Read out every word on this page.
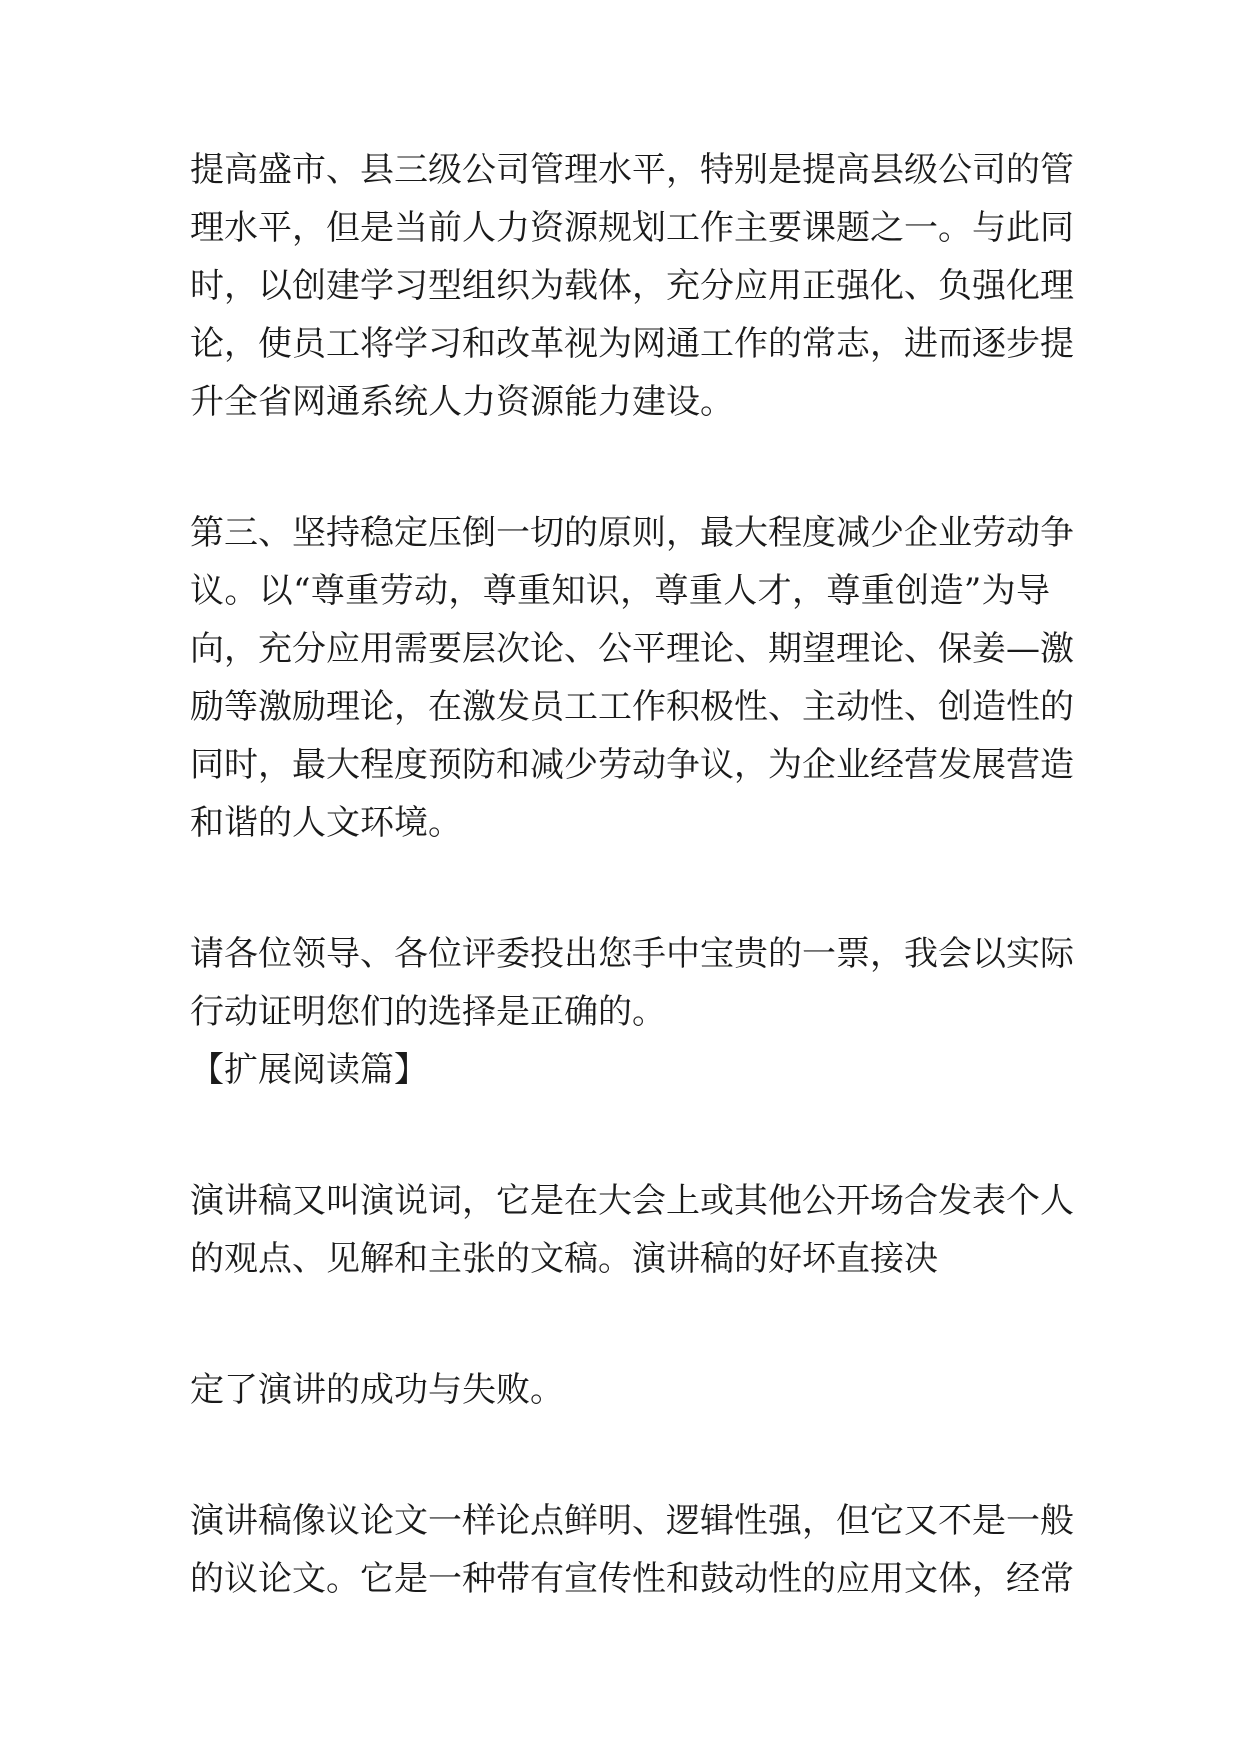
提高盛市、县三级公司管理水平，特别是提高县级公司的管

理水平，但是当前人力资源规划工作主要课题之一。与此同

时，以创建学习型组织为载体，充分应用正强化、负强化理

论，使员工将学习和改革视为网通工作的常志，进而逐步提

升全省网通系统人力资源能力建设。

第三、坚持稳定压倒一切的原则，最大程度减少企业劳动争

议。以“尊重劳动，尊重知识，尊重人才，尊重创造”为导

向，充分应用需要层次论、公平理论、期望理论、保姜—激

励等激励理论，在激发员工工作积极性、主动性、创造性的

同时，最大程度预防和减少劳动争议，为企业经营发展营造

和谐的人文环境。

请各位领导、各位评委投出您手中宝贵的一票，我会以实际

行动证明您们的选择是正确的。

【扩展阅读篇】

演讲稿又叫演说词，它是在大会上或其他公开场合发表个人

的观点、见解和主张的文稿。演讲稿的好坏直接决

定了演讲的成功与失败。

演讲稿像议论文一样论点鲜明、逻辑性强，但它又不是一般

的议论文。它是一种带有宣传性和鼓动性的应用文体，经常
